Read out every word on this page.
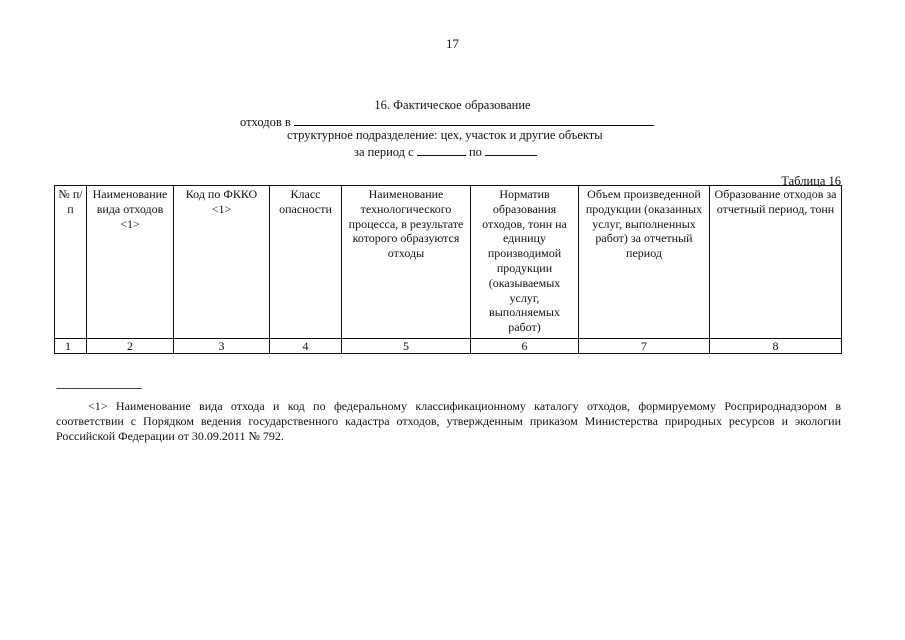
17
16. Фактическое образование
отходов в
структурное подразделение: цех, участок и другие объекты
за период с	по
Таблица 16
№ п/п	Наименование вида отходов <1>	Код по ФККО <1>	Класс опасности	Наименование технологического процесса, в результате которого образуются отходы	Норматив образования отходов, тонн на единицу производимой продукции (оказываемых услуг, выполняемых работ)	Объем произведенной продукции (оказанных услуг, выполненных работ) за отчетный период	Образование отходов за отчетный период, тонн
1	2	3	4	5	6	7	8
--------------------------------
<1> Наименование вида отхода и код по федеральному классификационному каталогу отходов, формируемому Росприроднадзором в соответствии с Порядком ведения государственного кадастра отходов, утвержденным приказом Министерства природных ресурсов и экологии Российской Федерации от 30.09.2011 № 792.
